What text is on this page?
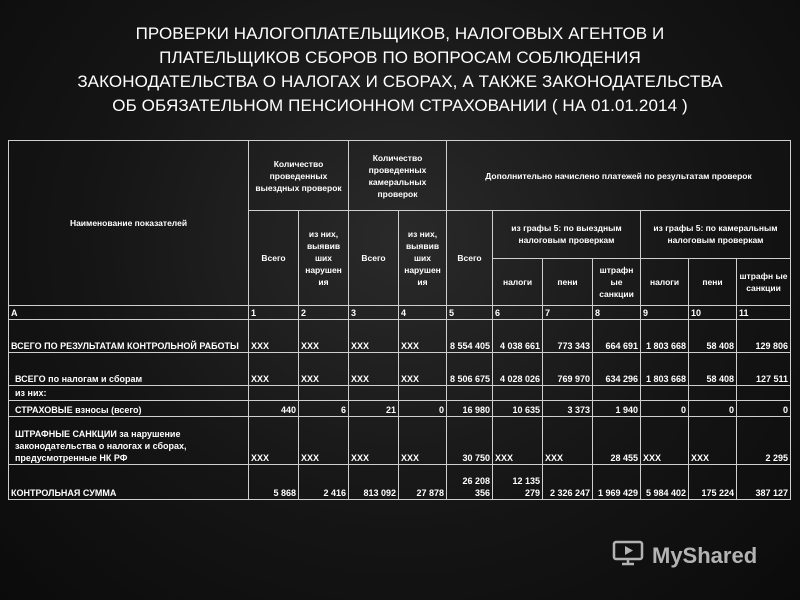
ПРОВЕРКИ НАЛОГОПЛАТЕЛЬЩИКОВ, НАЛОГОВЫХ АГЕНТОВ И
ПЛАТЕЛЬЩИКОВ СБОРОВ ПО ВОПРОСАМ СОБЛЮДЕНИЯ
ЗАКОНОДАТЕЛЬСТВА О НАЛОГАХ И СБОРАХ, А ТАКЖЕ ЗАКОНОДАТЕЛЬСТВА
ОБ ОБЯЗАТЕЛЬНОМ ПЕНСИОННОМ СТРАХОВАНИИ ( НА 01.01.2014 )
Наименование показателей	Количество проведенных выездных проверок		Количество проведенных камеральных проверок		Дополнительно начислено платежей по результатам проверок						
	Всего	из них, выявив ших нарушен ия	Всего	из них, выявив ших нарушен ия	Всего	из графы 5: по выездным налоговым проверкам			из графы 5: по камеральным налоговым проверкам		
						налоги	пени	штрафн ые санкции	налоги	пени	штрафн ые санкции
А	1	2	3	4	5	6	7	8	9	10	11
ВСЕГО ПО РЕЗУЛЬТАТАМ КОНТРОЛЬНОЙ РАБОТЫ	XXX	XXX	XXX	XXX	8 554 405	4 038 661	773 343	664 691	1 803 668	58 408	129 806
ВСЕГО по налогам и сборам	XXX	XXX	XXX	XXX	8 506 675	4 028 026	769 970	634 296	1 803 668	58 408	127 511
из них:											
СТРАХОВЫЕ взносы (всего)	440	6	21	0	16 980	10 635	3 373	1 940	0	0	0
ШТРАФНЫЕ САНКЦИИ за нарушение законодательства о налогах и сборах, предусмотренные НК РФ	XXX	XXX	XXX	XXX	30 750	XXX	XXX	28 455	XXX	XXX	2 295
КОНТРОЛЬНАЯ СУММА	5 868	2 416	813 092	27 878	26 208 356	12 135 279	2 326 247	1 969 429	5 984 402	175 224	387 127
MyShared
